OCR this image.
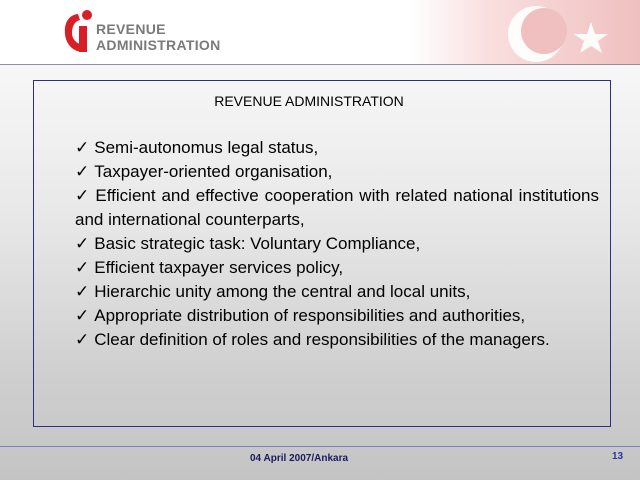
REVENUE
ADMINISTRATION
REVENUE ADMINISTRATION
✓ Semi-autonomus legal status,
✓ Taxpayer-oriented organisation,
✓ Efficient and effective cooperation with related national institutions and international counterparts,
✓ Basic strategic task: Voluntary Compliance,
✓ Efficient taxpayer services policy,
✓ Hierarchic unity among the central and local units,
✓ Appropriate distribution of responsibilities and authorities,
✓ Clear definition of roles and responsibilities of the managers.
04 April 2007/Ankara	13
